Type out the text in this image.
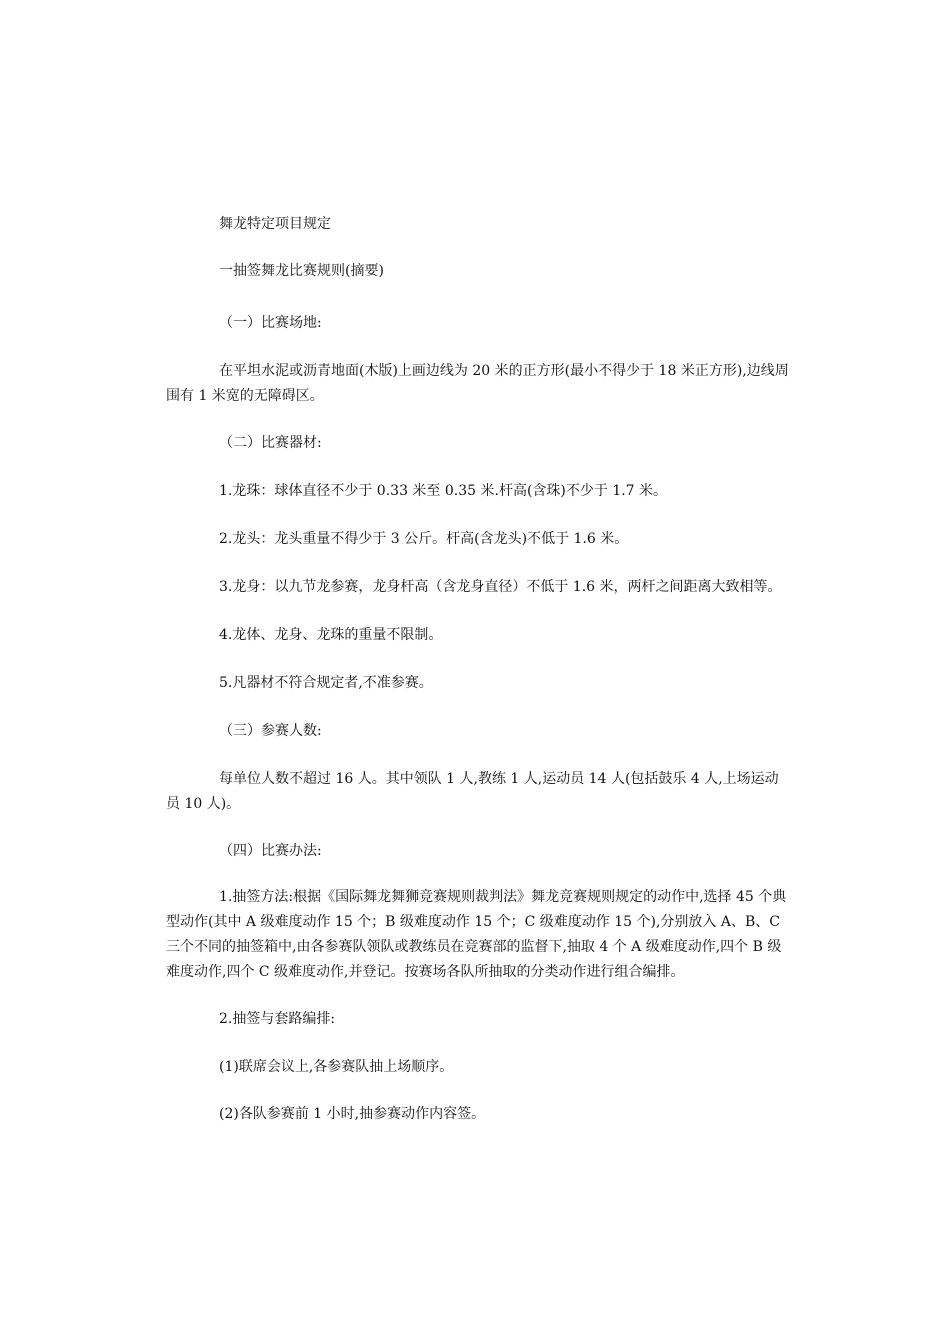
舞龙特定项目规定

一抽签舞龙比赛规则(摘要)

（一）比赛场地:

在平坦水泥或沥青地面(木版)上画边线为 20 米的正方形(最小不得少于 18 米正方形),边线周围有 1 米宽的无障碍区。

（二）比赛器材:

1.龙珠：球体直径不少于 0.33 米至 0.35 米.杆高(含珠)不少于 1.7 米。

2.龙头：龙头重量不得少于 3 公斤。杆高(含龙头)不低于 1.6 米。

3.龙身：以九节龙参赛，龙身杆高（含龙身直径）不低于 1.6 米，两杆之间距离大致相等。

4.龙体、龙身、龙珠的重量不限制。

5.凡器材不符合规定者,不准参赛。

（三）参赛人数:

每单位人数不超过 16 人。其中领队 1 人,教练 1 人,运动员 14 人(包括鼓乐 4 人,上场运动员 10 人)。

（四）比赛办法:

1.抽签方法:根据《国际舞龙舞狮竞赛规则裁判法》舞龙竞赛规则规定的动作中,选择 45 个典型动作(其中 A 级难度动作 15 个；B 级难度动作 15 个；C 级难度动作 15 个),分别放入 A、B、C 三个不同的抽签箱中,由各参赛队领队或教练员在竞赛部的监督下,抽取 4 个 A 级难度动作,四个 B 级难度动作,四个 C 级难度动作,并登记。按赛场各队所抽取的分类动作进行组合编排。

2.抽签与套路编排:

(1)联席会议上,各参赛队抽上场顺序。

(2)各队参赛前 1 小时,抽参赛动作内容签。
